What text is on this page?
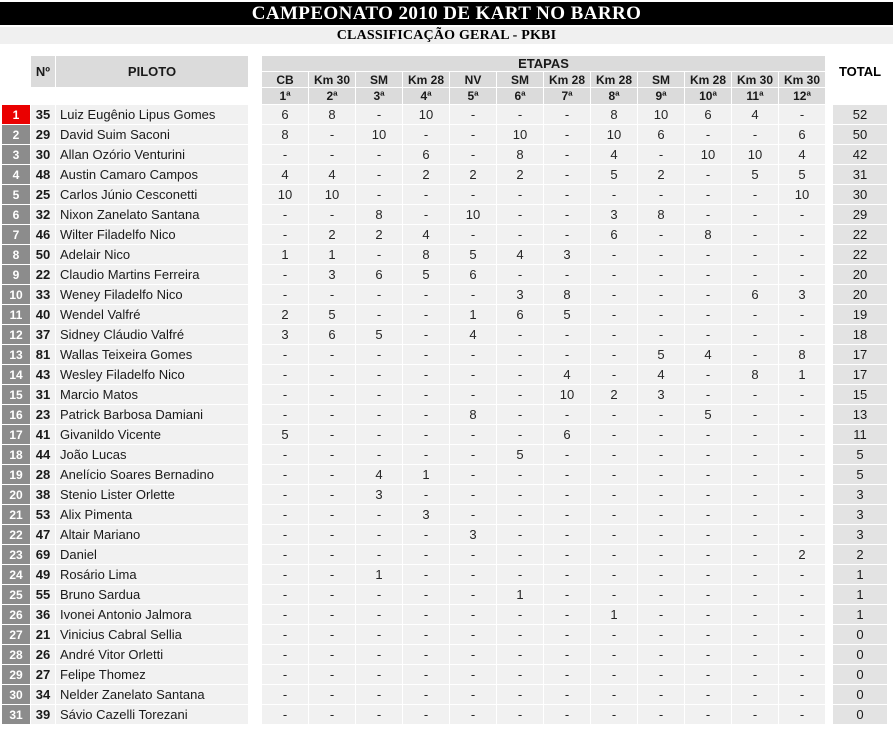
CAMPEONATO 2010 DE KART NO BARRO
CLASSIFICAÇÃO GERAL - PKBI
	Nº	PILOTO		ETAPAS													TOTAL
				CB	Km 30	SM	Km 28	NV	SM	Km 28	Km 28	SM	Km 28	Km 30	Km 30		
				1ª	2ª	3ª	4ª	5ª	6ª	7ª	8ª	9ª	10ª	11ª	12ª		
1	35	Luiz Eugênio Lipus Gomes		6	8	-	10	-	-	-	8	10	6	4	-		52
2	29	David Suim Saconi		8	-	10	-	-	10	-	10	6	-	-	6		50
3	30	Allan Ozório Venturini		-	-	-	6	-	8	-	4	-	10	10	4		42
4	48	Austin Camaro Campos		4	4	-	2	2	2	-	5	2	-	5	5		31
5	25	Carlos Júnio Cesconetti		10	10	-	-	-	-	-	-	-	-	-	10		30
6	32	Nixon Zanelato Santana		-	-	8	-	10	-	-	3	8	-	-	-		29
7	46	Wilter Filadelfo Nico		-	2	2	4	-	-	-	6	-	8	-	-		22
8	50	Adelair Nico		1	1	-	8	5	4	3	-	-	-	-	-		22
9	22	Claudio Martins Ferreira		-	3	6	5	6	-	-	-	-	-	-	-		20
10	33	Weney Filadelfo Nico		-	-	-	-	-	3	8	-	-	-	6	3		20
11	40	Wendel Valfré		2	5	-	-	1	6	5	-	-	-	-	-		19
12	37	Sidney Cláudio Valfré		3	6	5	-	4	-	-	-	-	-	-	-		18
13	81	Wallas Teixeira Gomes		-	-	-	-	-	-	-	-	5	4	-	8		17
14	43	Wesley Filadelfo Nico		-	-	-	-	-	-	4	-	4	-	8	1		17
15	31	Marcio Matos		-	-	-	-	-	-	10	2	3	-	-	-		15
16	23	Patrick Barbosa Damiani		-	-	-	-	8	-	-	-	-	5	-	-		13
17	41	Givanildo Vicente		5	-	-	-	-	-	6	-	-	-	-	-		11
18	44	João Lucas		-	-	-	-	-	5	-	-	-	-	-	-		5
19	28	Anelício Soares Bernadino		-	-	4	1	-	-	-	-	-	-	-	-		5
20	38	Stenio Lister Orlette		-	-	3	-	-	-	-	-	-	-	-	-		3
21	53	Alix Pimenta		-	-	-	3	-	-	-	-	-	-	-	-		3
22	47	Altair Mariano		-	-	-	-	3	-	-	-	-	-	-	-		3
23	69	Daniel		-	-	-	-	-	-	-	-	-	-	-	2		2
24	49	Rosário Lima		-	-	1	-	-	-	-	-	-	-	-	-		1
25	55	Bruno Sardua		-	-	-	-	-	1	-	-	-	-	-	-		1
26	36	Ivonei Antonio Jalmora		-	-	-	-	-	-	-	1	-	-	-	-		1
27	21	Vinicius Cabral Sellia		-	-	-	-	-	-	-	-	-	-	-	-		0
28	26	André Vitor Orletti		-	-	-	-	-	-	-	-	-	-	-	-		0
29	27	Felipe Thomez		-	-	-	-	-	-	-	-	-	-	-	-		0
30	34	Nelder Zanelato Santana		-	-	-	-	-	-	-	-	-	-	-	-		0
31	39	Sávio Cazelli Torezani		-	-	-	-	-	-	-	-	-	-	-	-		0
